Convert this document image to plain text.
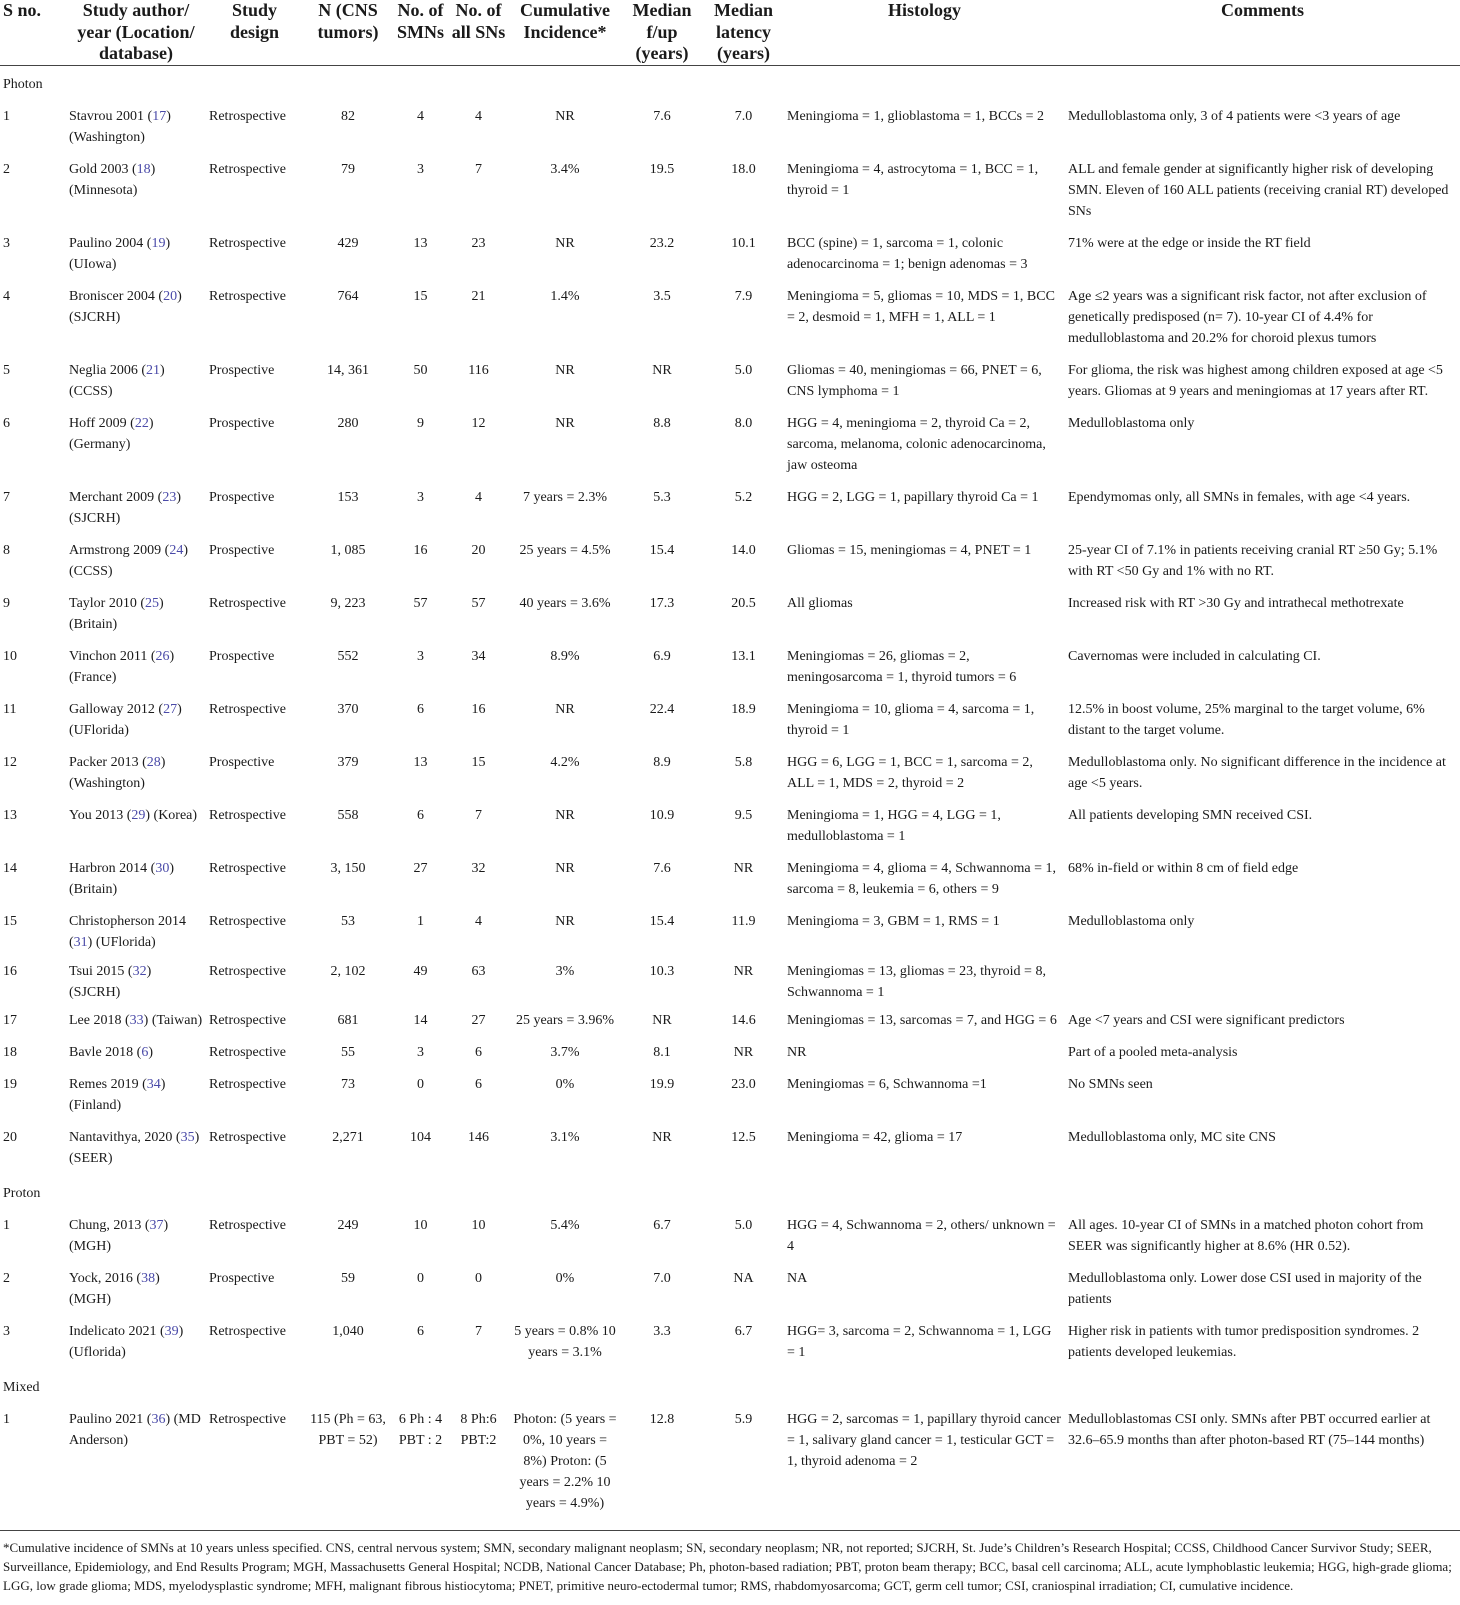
S no.	Study author/ year (Location/ database)	Study design	N (CNS tumors)	No. of SMNs	No. of all SNs	Cumulative Incidence*	Median f/up (years)	Median latency (years)	Histology	Comments
Photon										
1	Stavrou 2001 (17) (Washington)	Retrospective	82	4	4	NR	7.6	7.0	Meningioma = 1, glioblastoma = 1, BCCs = 2	Medulloblastoma only, 3 of 4 patients were <3 years of age
2	Gold 2003 (18) (Minnesota)	Retrospective	79	3	7	3.4%	19.5	18.0	Meningioma = 4, astrocytoma = 1, BCC = 1, thyroid = 1	ALL and female gender at significantly higher risk of developing SMN. Eleven of 160 ALL patients (receiving cranial RT) developed SNs
3	Paulino 2004 (19) (UIowa)	Retrospective	429	13	23	NR	23.2	10.1	BCC (spine) = 1, sarcoma = 1, colonic adenocarcinoma = 1; benign adenomas = 3	71% were at the edge or inside the RT field
4	Broniscer 2004 (20) (SJCRH)	Retrospective	764	15	21	1.4%	3.5	7.9	Meningioma = 5, gliomas = 10, MDS = 1, BCC = 2, desmoid = 1, MFH = 1, ALL = 1	Age ≤2 years was a significant risk factor, not after exclusion of genetically predisposed (n= 7). 10-year CI of 4.4% for medulloblastoma and 20.2% for choroid plexus tumors
5	Neglia 2006 (21) (CCSS)	Prospective	14, 361	50	116	NR	NR	5.0	Gliomas = 40, meningiomas = 66, PNET = 6, CNS lymphoma = 1	For glioma, the risk was highest among children exposed at age <5 years. Gliomas at 9 years and meningiomas at 17 years after RT.
6	Hoff 2009 (22) (Germany)	Prospective	280	9	12	NR	8.8	8.0	HGG = 4, meningioma = 2, thyroid Ca = 2, sarcoma, melanoma, colonic adenocarcinoma, jaw osteoma	Medulloblastoma only
7	Merchant 2009 (23) (SJCRH)	Prospective	153	3	4	7 years = 2.3%	5.3	5.2	HGG = 2, LGG = 1, papillary thyroid Ca = 1	Ependymomas only, all SMNs in females, with age <4 years.
8	Armstrong 2009 (24) (CCSS)	Prospective	1, 085	16	20	25 years = 4.5%	15.4	14.0	Gliomas = 15, meningiomas = 4, PNET = 1	25-year CI of 7.1% in patients receiving cranial RT ≥50 Gy; 5.1% with RT <50 Gy and 1% with no RT.
9	Taylor 2010 (25) (Britain)	Retrospective	9, 223	57	57	40 years = 3.6%	17.3	20.5	All gliomas	Increased risk with RT >30 Gy and intrathecal methotrexate
10	Vinchon 2011 (26) (France)	Prospective	552	3	34	8.9%	6.9	13.1	Meningiomas = 26, gliomas = 2, meningosarcoma = 1, thyroid tumors = 6	Cavernomas were included in calculating CI.
11	Galloway 2012 (27) (UFlorida)	Retrospective	370	6	16	NR	22.4	18.9	Meningioma = 10, glioma = 4, sarcoma = 1, thyroid = 1	12.5% in boost volume, 25% marginal to the target volume, 6% distant to the target volume.
12	Packer 2013 (28) (Washington)	Prospective	379	13	15	4.2%	8.9	5.8	HGG = 6, LGG = 1, BCC = 1, sarcoma = 2, ALL = 1, MDS = 2, thyroid = 2	Medulloblastoma only. No significant difference in the incidence at age <5 years.
13	You 2013 (29) (Korea)	Retrospective	558	6	7	NR	10.9	9.5	Meningioma = 1, HGG = 4, LGG = 1, medulloblastoma = 1	All patients developing SMN received CSI.
14	Harbron 2014 (30) (Britain)	Retrospective	3, 150	27	32	NR	7.6	NR	Meningioma = 4, glioma = 4, Schwannoma = 1, sarcoma = 8, leukemia = 6, others = 9	68% in-field or within 8 cm of field edge
15	Christopherson 2014 (31) (UFlorida)	Retrospective	53	1	4	NR	15.4	11.9	Meningioma = 3, GBM = 1, RMS = 1	Medulloblastoma only
16	Tsui 2015 (32) (SJCRH)	Retrospective	2, 102	49	63	3%	10.3	NR	Meningiomas = 13, gliomas = 23, thyroid = 8, Schwannoma = 1	
17	Lee 2018 (33) (Taiwan)	Retrospective	681	14	27	25 years = 3.96%	NR	14.6	Meningiomas = 13, sarcomas = 7, and HGG = 6	Age <7 years and CSI were significant predictors
18	Bavle 2018 (6)	Retrospective	55	3	6	3.7%	8.1	NR	NR	Part of a pooled meta-analysis
19	Remes 2019 (34) (Finland)	Retrospective	73	0	6	0%	19.9	23.0	Meningiomas = 6, Schwannoma =1	No SMNs seen
20	Nantavithya, 2020 (35) (SEER)	Retrospective	2,271	104	146	3.1%	NR	12.5	Meningioma = 42, glioma = 17	Medulloblastoma only, MC site CNS
Proton										
1	Chung, 2013 (37) (MGH)	Retrospective	249	10	10	5.4%	6.7	5.0	HGG = 4, Schwannoma = 2, others/ unknown = 4	All ages. 10-year CI of SMNs in a matched photon cohort from SEER was significantly higher at 8.6% (HR 0.52).
2	Yock, 2016 (38) (MGH)	Prospective	59	0	0	0%	7.0	NA	NA	Medulloblastoma only. Lower dose CSI used in majority of the patients
3	Indelicato 2021 (39) (Uflorida)	Retrospective	1,040	6	7	5 years = 0.8% 10 years = 3.1%	3.3	6.7	HGG= 3, sarcoma = 2, Schwannoma = 1, LGG = 1	Higher risk in patients with tumor predisposition syndromes. 2 patients developed leukemias.
Mixed										
1	Paulino 2021 (36) (MD Anderson)	Retrospective	115 (Ph = 63, PBT = 52)	6 Ph : 4 PBT : 2	8 Ph:6 PBT:2	Photon: (5 years = 0%, 10 years = 8%) Proton: (5 years = 2.2% 10 years = 4.9%)	12.8	5.9	HGG = 2, sarcomas = 1, papillary thyroid cancer = 1, salivary gland cancer = 1, testicular GCT = 1, thyroid adenoma = 2	Medulloblastomas CSI only. SMNs after PBT occurred earlier at 32.6–65.9 months than after photon-based RT (75–144 months)
*Cumulative incidence of SMNs at 10 years unless specified. CNS, central nervous system; SMN, secondary malignant neoplasm; SN, secondary neoplasm; NR, not reported; SJCRH, St. Jude’s Children’s Research Hospital; CCSS, Childhood Cancer Survivor Study; SEER, Surveillance, Epidemiology, and End Results Program; MGH, Massachusetts General Hospital; NCDB, National Cancer Database; Ph, photon-based radiation; PBT, proton beam therapy; BCC, basal cell carcinoma; ALL, acute lymphoblastic leukemia; HGG, high-grade glioma; LGG, low grade glioma; MDS, myelodysplastic syndrome; MFH, malignant fibrous histiocytoma; PNET, primitive neuro-ectodermal tumor; RMS, rhabdomyosarcoma; GCT, germ cell tumor; CSI, craniospinal irradiation; CI, cumulative incidence.										
